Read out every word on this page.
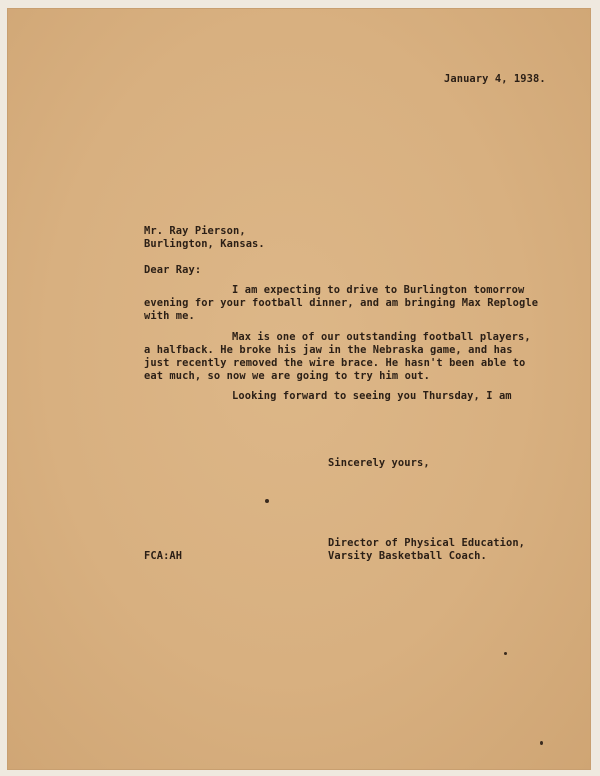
January 4, 1938.
Mr. Ray Pierson,
Burlington, Kansas.
Dear Ray:
I am expecting to drive to Burlington tomorrow
evening for your football dinner, and am bringing Max Replogle
with me.
Max is one of our outstanding football players,
a halfback. He broke his jaw in the Nebraska game, and has
just recently removed the wire brace. He hasn't been able to
eat much, so now we are going to try him out.
Looking forward to seeing you Thursday, I am
Sincerely yours,
Director of Physical Education,
FCA:AH	Varsity Basketball Coach.
